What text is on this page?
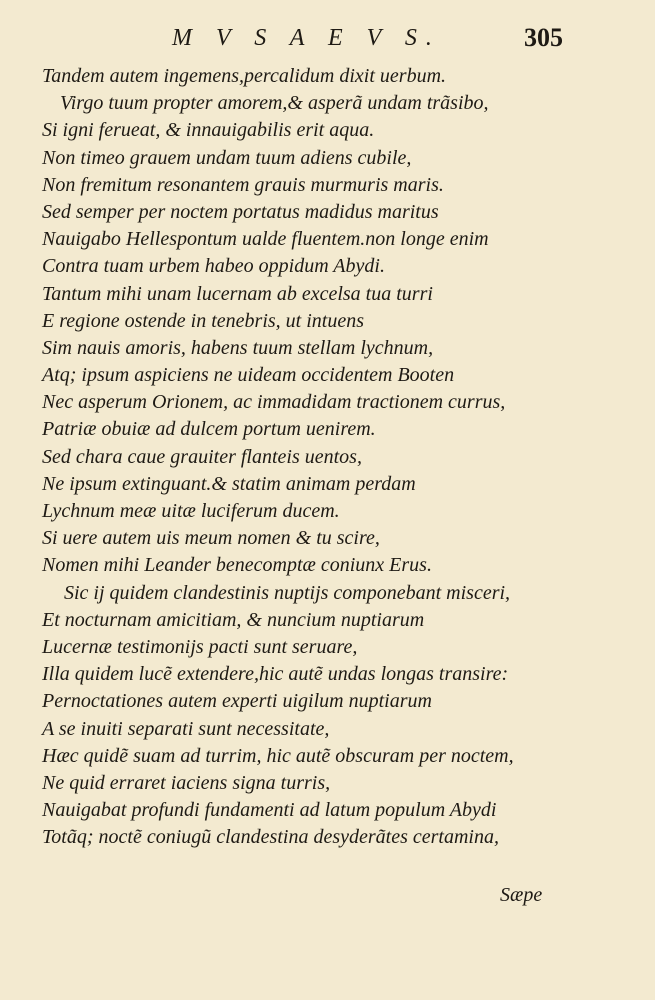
M V S A E V S.	305
Tandem autem ingemens,percalidum dixit uerbum.
Virgo tuum propter amorem,& asperã undam trãsibo,
Si igni ferueat, & innauigabilis erit aqua.
Non timeo grauem undam tuum adiens cubile,
Non fremitum resonantem grauis murmuris maris.
Sed semper per noctem portatus madidus maritus
Nauigabo Hellespontum ualde fluentem.non longe enim
Contra tuam urbem habeo oppidum Abydi.
Tantum mihi unam lucernam ab excelsa tua turri
E regione ostende in tenebris, ut intuens
Sim nauis amoris, habens tuum stellam lychnum,
Atq; ipsum aspiciens ne uideam occidentem Booten
Nec asperum Orionem, ac immadidam tractionem currus,
Patriæ obuiæ ad dulcem portum uenirem.
Sed chara caue grauiter flanteis uentos,
Ne ipsum extinguant.& statim animam perdam
Lychnum meæ uitæ luciferum ducem.
Si uere autem uis meum nomen & tu scire,
Nomen mihi Leander benecomptæ coniunx Erus.
Sic ij quidem clandestinis nuptijs componebant misceri,
Et nocturnam amicitiam, & nuncium nuptiarum
Lucernæ testimonijs pacti sunt seruare,
Illa quidem lucẽ extendere,hic autẽ undas longas transire:
Pernoctationes autem experti uigilum nuptiarum
A se inuiti separati sunt necessitate,
Hæc quidẽ suam ad turrim, hic autẽ obscuram per noctem,
Ne quid erraret iaciens signa turris,
Nauigabat profundi fundamenti ad latum populum Abydi
Totãq; noctẽ coniugũ clandestina desyderãtes certamina,
Sæpe
